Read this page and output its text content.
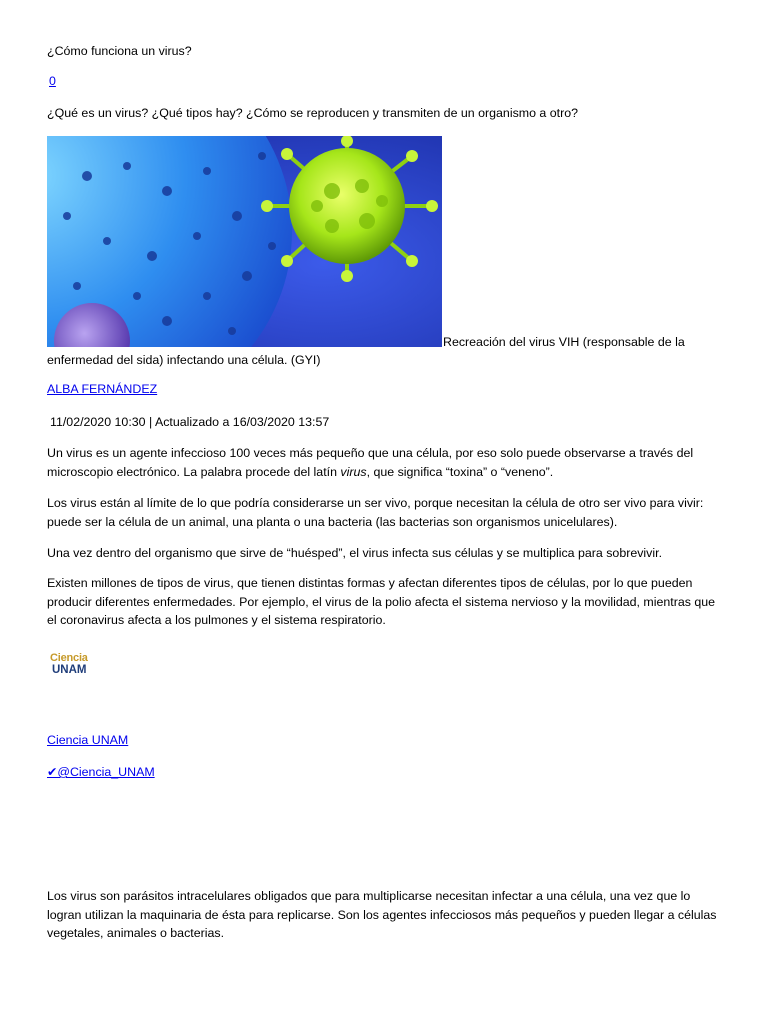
¿Cómo funciona un virus?

0

¿Qué es un virus? ¿Qué tipos hay? ¿Cómo se reproducen y transmiten de un organismo a otro?

Recreación del virus VIH (responsable de la

enfermedad del sida) infectando una célula. (GYI)

ALBA FERNÁNDEZ

11/02/2020 10:30 | Actualizado a 16/03/2020 13:57

Un virus es un agente infeccioso 100 veces más pequeño que una célula, por eso solo puede observarse a través del microscopio electrónico. La palabra procede del latín virus, que significa “toxina” o “veneno”.

Los virus están al límite de lo que podría considerarse un ser vivo, porque necesitan la célula de otro ser vivo para vivir: puede ser la célula de un animal, una planta o una bacteria (las bacterias son organismos unicelulares).

Una vez dentro del organismo que sirve de “huésped”, el virus infecta sus células y se multiplica para sobrevivir.

Existen millones de tipos de virus, que tienen distintas formas y afectan diferentes tipos de células, por lo que pueden producir diferentes enfermedades. Por ejemplo, el virus de la polio afecta el sistema nervioso y la movilidad, mientras que el coronavirus afecta a los pulmones y el sistema respiratorio.

Ciencia
UNAM
Ciencia UNAM
✔@Ciencia_UNAM

Los virus son parásitos intracelulares obligados que para multiplicarse necesitan infectar a una célula, una vez que lo logran utilizan la maquinaria de ésta para replicarse. Son los agentes infecciosos más pequeños y pueden llegar a células vegetales, animales o bacterias.
